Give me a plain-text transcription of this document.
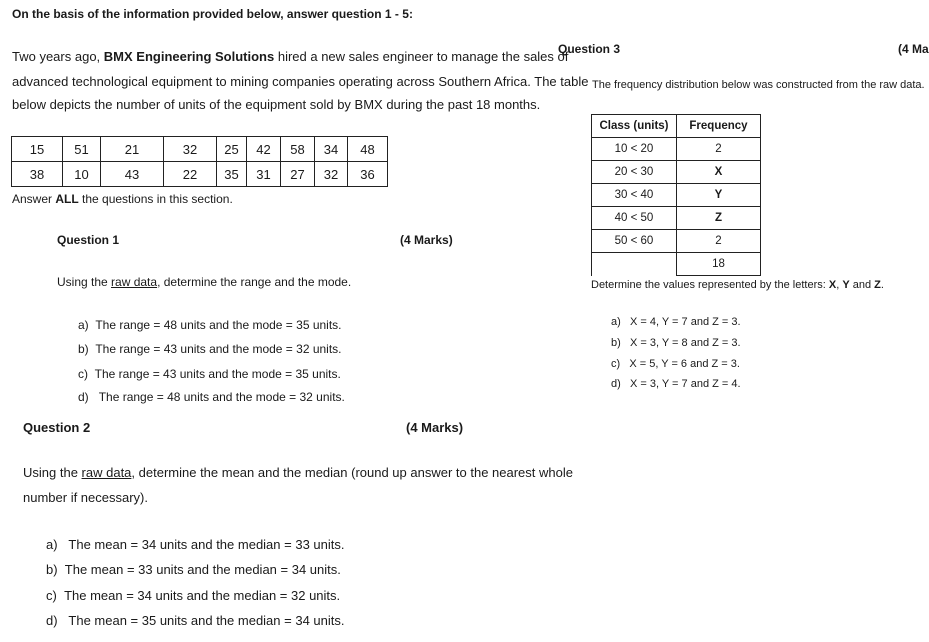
On the basis of the information provided below, answer question 1 - 5:
Two years ago, BMX Engineering Solutions hired a new sales engineer to manage the sales of
advanced technological equipment to mining companies operating across Southern Africa. The table
below depicts the number of units of the equipment sold by BMX during the past 18 months.
15	51	21	32	25	42	58	34	48
38	10	43	22	35	31	27	32	36
Answer ALL the questions in this section.
Question 1	(4 Marks)
Using the raw data, determine the range and the mode.
a) The range = 48 units and the mode = 35 units.
b) The range = 43 units and the mode = 32 units.
c) The range = 43 units and the mode = 35 units.
d) The range = 48 units and the mode = 32 units.
Question 2	(4 Marks)
Using the raw data, determine the mean and the median (round up answer to the nearest whole
number if necessary).
a) The mean = 34 units and the median = 33 units.
b) The mean = 33 units and the median = 34 units.
c) The mean = 34 units and the median = 32 units.
d) The mean = 35 units and the median = 34 units.
Question 3	(4 Ma
The frequency distribution below was constructed from the raw data.
Class (units)	Frequency
10 < 20	2
20 < 30	X
30 < 40	Y
40 < 50	Z
50 < 60	2
	18
Determine the values represented by the letters: X, Y and Z.
a) X = 4, Y = 7 and Z = 3.
b) X = 3, Y = 8 and Z = 3.
c) X = 5, Y = 6 and Z = 3.
d) X = 3, Y = 7 and Z = 4.
